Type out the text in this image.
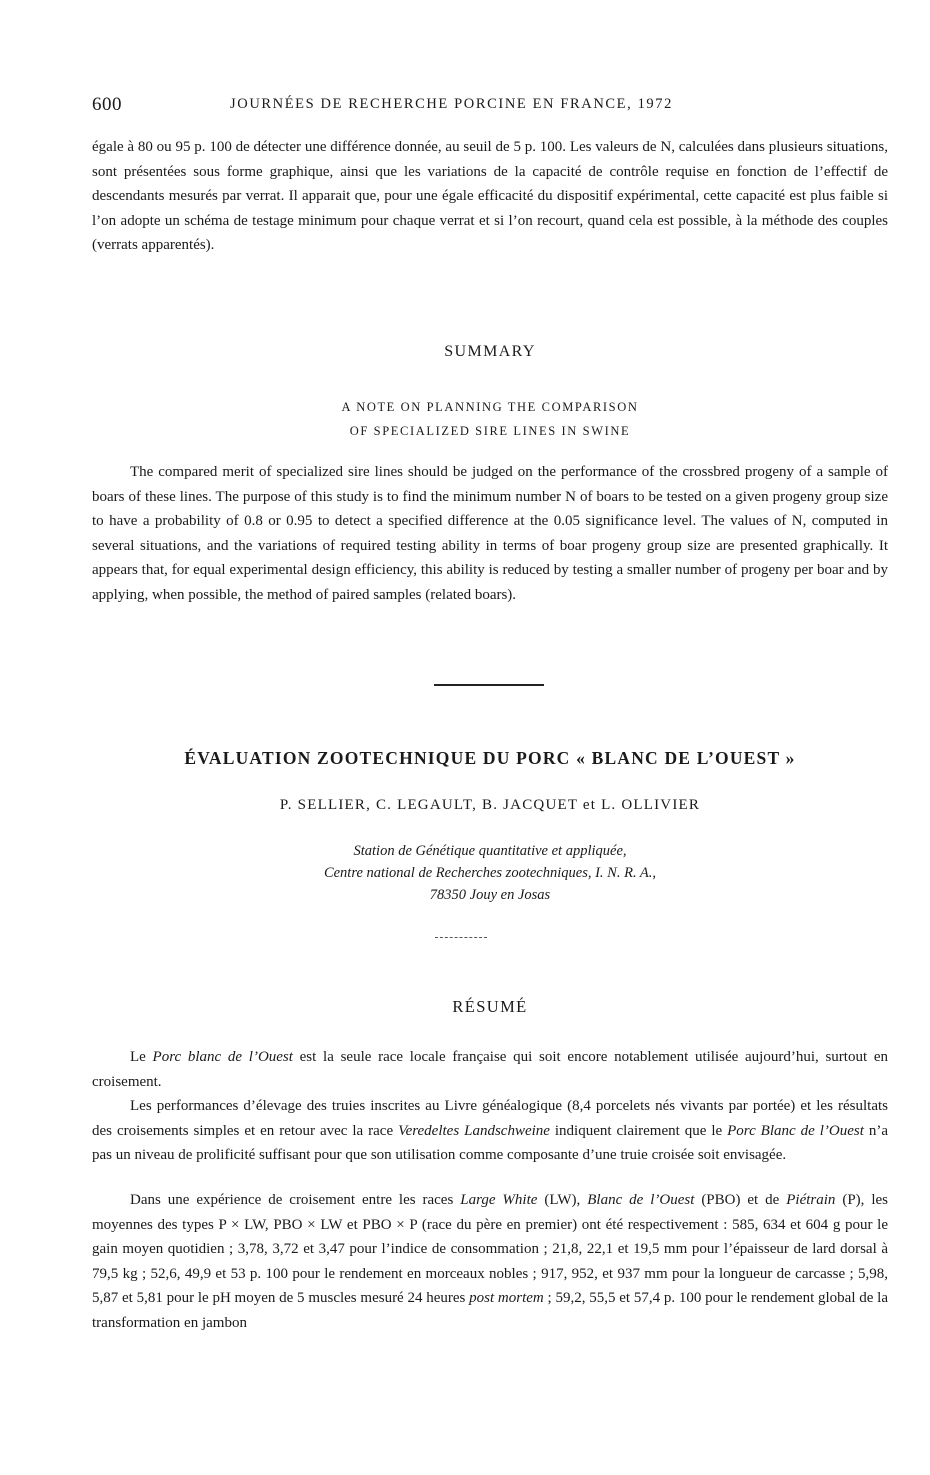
600	JOURNÉES DE RECHERCHE PORCINE EN FRANCE, 1972

égale à 80 ou 95 p. 100 de détecter une différence donnée, au seuil de 5 p. 100. Les valeurs de N, calculées dans plusieurs situations, sont présentées sous forme graphique, ainsi que les variations de la capacité de contrôle requise en fonction de l’effectif de descendants mesurés par verrat. Il apparait que, pour une égale efficacité du dispositif expérimental, cette capacité est plus faible si l’on adopte un schéma de testage minimum pour chaque verrat et si l’on recourt, quand cela est possible, à la méthode des couples (verrats apparentés).

SUMMARY
A NOTE ON PLANNING THE COMPARISON
OF SPECIALIZED SIRE LINES IN SWINE

The compared merit of specialized sire lines should be judged on the performance of the crossbred progeny of a sample of boars of these lines. The purpose of this study is to find the minimum number N of boars to be tested on a given progeny group size to have a probability of 0.8 or 0.95 to detect a specified difference at the 0.05 significance level. The values of N, computed in several situations, and the variations of required testing ability in terms of boar progeny group size are presented graphically. It appears that, for equal experimental design efficiency, this ability is reduced by testing a smaller number of progeny per boar and by applying, when possible, the method of paired samples (related boars).

ÉVALUATION ZOOTECHNIQUE DU PORC « BLANC DE L’OUEST »
P. SELLIER, C. LEGAULT, B. JACQUET et L. OLLIVIER
Station de Génétique quantitative et appliquée,
Centre national de Recherches zootechniques, I. N. R. A.,
78350 Jouy en Josas
RÉSUMÉ

Le Porc blanc de l’Ouest est la seule race locale française qui soit encore notablement utilisée aujourd’hui, surtout en croisement.

Les performances d’élevage des truies inscrites au Livre généalogique (8,4 porcelets nés vivants par portée) et les résultats des croisements simples et en retour avec la race Veredeltes Landschweine indiquent clairement que le Porc Blanc de l’Ouest n’a pas un niveau de prolificité suffisant pour que son utilisation comme composante d’une truie croisée soit envisagée.

Dans une expérience de croisement entre les races Large White (LW), Blanc de l’Ouest (PBO) et de Piétrain (P), les moyennes des types P × LW, PBO × LW et PBO × P (race du père en premier) ont été respectivement : 585, 634 et 604 g pour le gain moyen quotidien ; 3,78, 3,72 et 3,47 pour l’indice de consommation ; 21,8, 22,1 et 19,5 mm pour l’épaisseur de lard dorsal à 79,5 kg ; 52,6, 49,9 et 53 p. 100 pour le rendement en morceaux nobles ; 917, 952, et 937 mm pour la longueur de carcasse ; 5,98, 5,87 et 5,81 pour le pH moyen de 5 muscles mesuré 24 heures post mortem ; 59,2, 55,5 et 57,4 p. 100 pour le rendement global de la transformation en jambon
